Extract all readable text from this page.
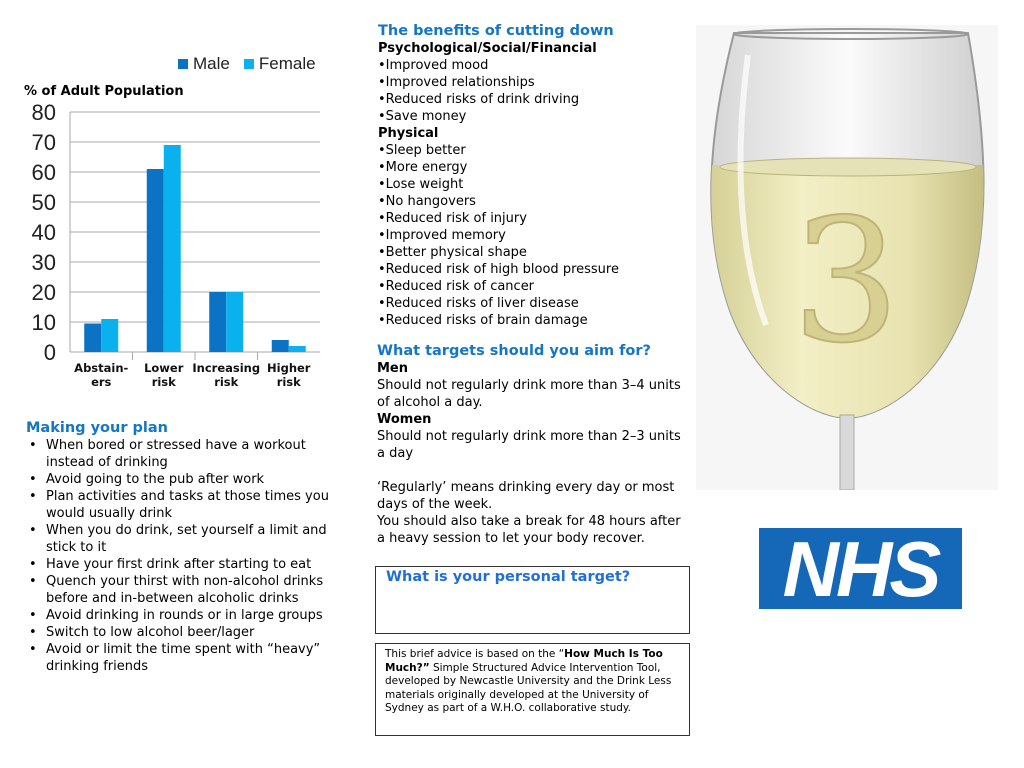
Male Female
% of Adult Population
0
10
20
30
40
50
60
70
80
Abstain-
ers
Lower
risk
Increasing
risk
Higher
risk
Making your plan
• When bored or stressed have a workout instead of drinking
• Avoid going to the pub after work
• Plan activities and tasks at those times you would usually drink
• When you do drink, set yourself a limit and stick to it
• Have your first drink after starting to eat
• Quench your thirst with non-alcohol drinks before and in-between alcoholic drinks
• Avoid drinking in rounds or in large groups
• Switch to low alcohol beer/lager
• Avoid or limit the time spent with “heavy” drinking friends
The benefits of cutting down
Psychological/Social/Financial
•Improved mood
•Improved relationships
•Reduced risks of drink driving
•Save money
Physical
•Sleep better
•More energy
•Lose weight
•No hangovers
•Reduced risk of injury
•Improved memory
•Better physical shape
•Reduced risk of high blood pressure
•Reduced risk of cancer
•Reduced risks of liver disease
•Reduced risks of brain damage
What targets should you aim for?
Men
Should not regularly drink more than 3–4 units of alcohol a day.
Women
Should not regularly drink more than 2–3 units a day
‘Regularly’ means drinking every day or most days of the week.
You should also take a break for 48 hours after a heavy session to let your body recover.
What is your personal target?
This brief advice is based on the “How Much Is Too Much?” Simple Structured Advice Intervention Tool, developed by Newcastle University and the Drink Less materials originally developed at the University of Sydney as part of a W.H.O. collaborative study.
3
NHS
